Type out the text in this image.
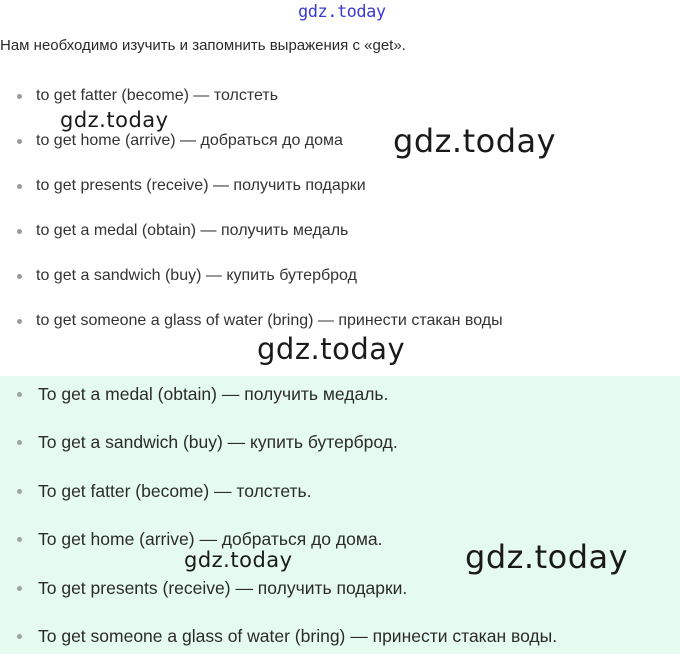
gdz.today
Нам необходимо изучить и запомнить выражения с «get».
to get fatter (become) — толстеть
to get home (arrive) — добраться до дома
to get presents (receive) — получить подарки
to get a medal (obtain) — получить медаль
to get a sandwich (buy) — купить бутерброд
to get someone a glass of water (bring) — принести стакан воды
To get a medal (obtain) — получить медаль.
To get a sandwich (buy) — купить бутерброд.
To get fatter (become) — толстеть.
To get home (arrive) — добраться до дома.
To get presents (receive) — получить подарки.
To get someone a glass of water (bring) — принести стакан воды.
gdz.today
gdz.today
gdz.today
gdz.today	gdz.today
